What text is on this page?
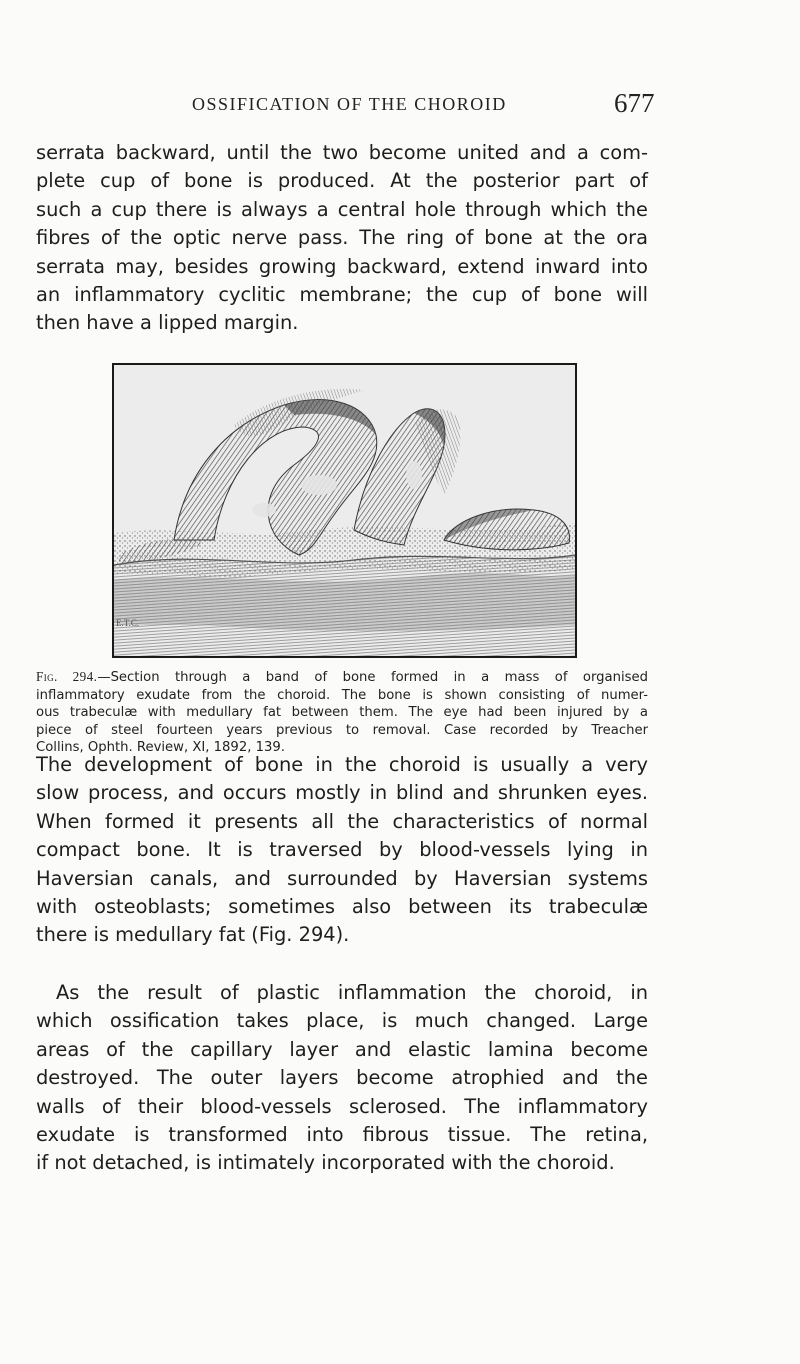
OSSIFICATION OF THE CHOROID	677
serrata backward, until the two become united and a com-
plete cup of bone is produced. At the posterior part of
such a cup there is always a central hole through which the
fibres of the optic nerve pass. The ring of bone at the ora
serrata may, besides growing backward, extend inward into
an inflammatory cyclitic membrane; the cup of bone will
then have a lipped margin.
E.T.C.
Fig. 294.—Section through a band of bone formed in a mass of organised
inflammatory exudate from the choroid. The bone is shown consisting of numer-
ous trabeculæ with medullary fat between them. The eye had been injured by a
piece of steel fourteen years previous to removal. Case recorded by Treacher
Collins, Ophth. Review, XI, 1892, 139.
The development of bone in the choroid is usually a very
slow process, and occurs mostly in blind and shrunken eyes.
When formed it presents all the characteristics of normal
compact bone. It is traversed by blood-vessels lying in
Haversian canals, and surrounded by Haversian systems
with osteoblasts; sometimes also between its trabeculæ
there is medullary fat (Fig. 294).
As the result of plastic inflammation the choroid, in
which ossification takes place, is much changed. Large
areas of the capillary layer and elastic lamina become
destroyed. The outer layers become atrophied and the
walls of their blood-vessels sclerosed. The inflammatory
exudate is transformed into fibrous tissue. The retina,
if not detached, is intimately incorporated with the choroid.
